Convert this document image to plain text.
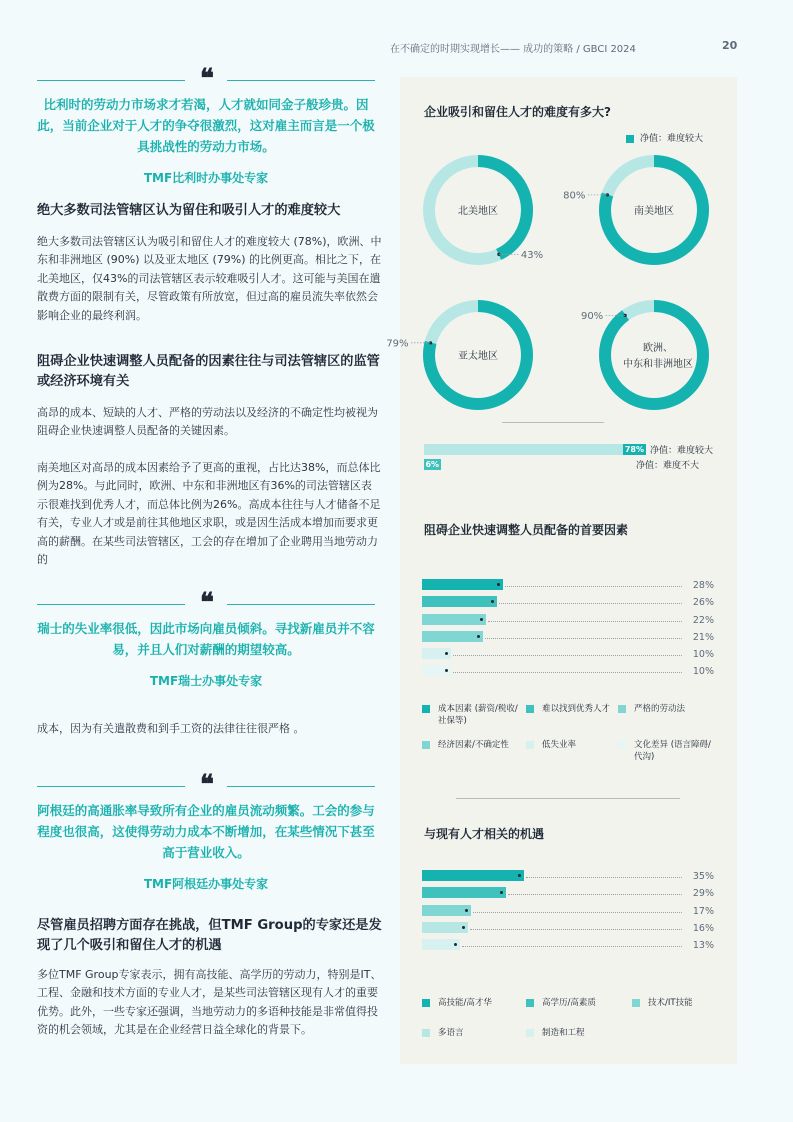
在不确定的时期实现增长—— 成功的策略 / GBCI 2024	20
❝
比利时的劳动力市场求才若渴，人才就如同金子般珍贵。因此，当前企业对于人才的争夺很激烈，这对雇主而言是一个极具挑战性的劳动力市场。
TMF比利时办事处专家
绝大多数司法管辖区认为留住和吸引人才的难度较大
绝大多数司法管辖区认为吸引和留住人才的难度较大 (78%)，欧洲、中东和非洲地区 (90%) 以及亚太地区 (79%) 的比例更高。相比之下，在北美地区，仅43%的司法管辖区表示较难吸引人才。这可能与美国在遣散费方面的限制有关，尽管政策有所放宽，但过高的雇员流失率依然会影响企业的最终利润。
阻碍企业快速调整人员配备的因素往往与司法管辖区的监管或经济环境有关
高昂的成本、短缺的人才、严格的劳动法以及经济的不确定性均被视为阻碍企业快速调整人员配备的关键因素。
南美地区对高昂的成本因素给予了更高的重视，占比达38%，而总体比例为28%。与此同时，欧洲、中东和非洲地区有36%的司法管辖区表示很难找到优秀人才，而总体比例为26%。高成本往往与人才储备不足有关，专业人才或是前往其他地区求职，或是因生活成本增加而要求更高的薪酬。在某些司法管辖区，工会的存在增加了企业聘用当地劳动力的
❝
瑞士的失业率很低，因此市场向雇员倾斜。寻找新雇员并不容易，并且人们对薪酬的期望较高。
TMF瑞士办事处专家
成本，因为有关遣散费和到手工资的法律往往很严格 。
❝
阿根廷的高通胀率导致所有企业的雇员流动频繁。工会的参与程度也很高，这使得劳动力成本不断增加，在某些情况下甚至高于营业收入。
TMF阿根廷办事处专家
尽管雇员招聘方面存在挑战，但TMF Group的专家还是发现了几个吸引和留住人才的机遇
多位TMF Group专家表示，拥有高技能、高学历的劳动力，特别是IT、工程、金融和技术方面的专业人才，是某些司法管辖区现有人才的重要优势。此外，一些专家还强调，当地劳动力的多语种技能是非常值得投资的机会领域，尤其是在企业经营日益全球化的背景下。
企业吸引和留住人才的难度有多大?
净值：难度较大
北美地区
43%
南美地区
80%
亚太地区
79%	欧洲、
中东和非洲地区
90%
78% 净值：难度较大
6%	净值：难度不大
阻碍企业快速调整人员配备的首要因素
28%
26%
22%
21%
10%
10%
成本因素 (薪资/税收/社保等)
难以找到优秀人才	严格的劳动法
经济因素/不确定性	低失业率	文化差异 (语言障碍/代沟)
与现有人才相关的机遇
35%
29%
17%
16%
13%
高技能/高才华	高学历/高素质	技术/IT技能
多语言	制造和工程
